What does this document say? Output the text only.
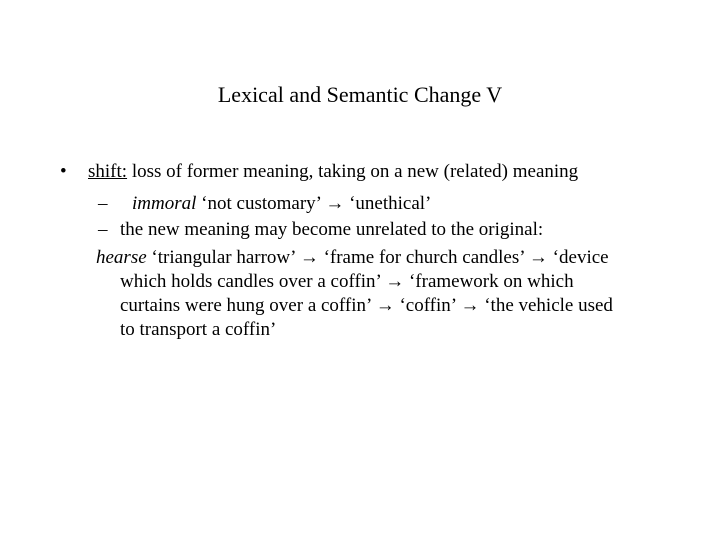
Lexical and Semantic Change V
• shift: loss of former meaning, taking on a new (related) meaning
– immoral ‘not customary’ → ‘unethical’
– the new meaning may become unrelated to the original:
hearse ‘triangular harrow’ → ‘frame for church candles’ → ‘device
which holds candles over a coffin’ → ‘framework on which
curtains were hung over a coffin’ → ‘coffin’ → ‘the vehicle used
to transport a coffin’
